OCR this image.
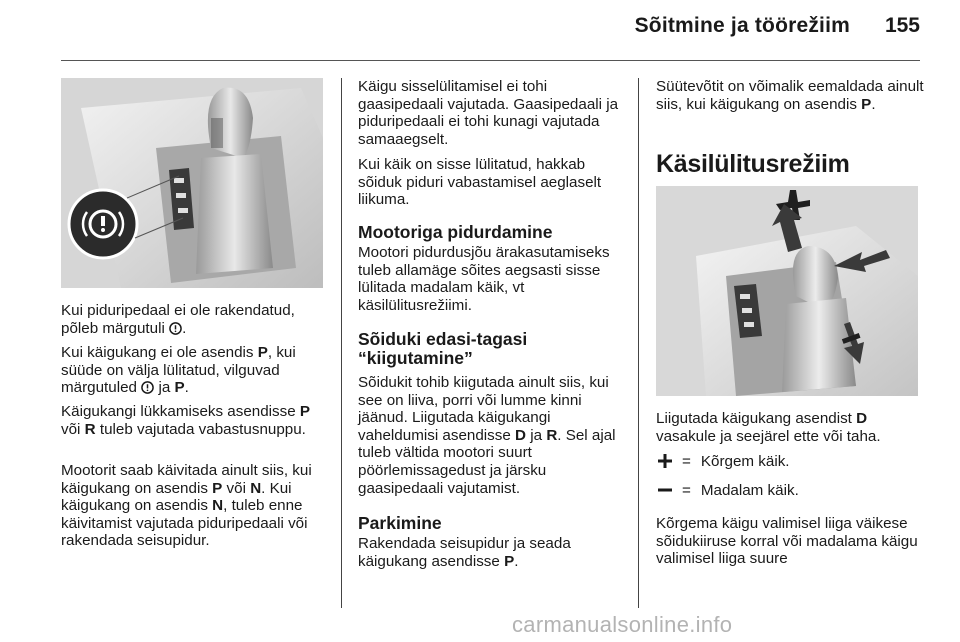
Sõitmine ja töörežiim	155

Kui piduripedaal ei ole rakendatud, põleb märgutuli .

Kui käigukang ei ole asendis P, kui süüde on välja lülitatud, vilguvad märgutuled ja P.

Käigukangi lükkamiseks asendisse P või R tuleb vajutada vabastusnuppu.

Mootorit saab käivitada ainult siis, kui käigukang on asendis P või N. Kui käigukang on asendis N, tuleb enne käivitamist vajutada piduripedaali või rakendada seisupidur.

Käigu sisselülitamisel ei tohi gaasipedaali vajutada. Gaasipedaali ja piduripedaali ei tohi kunagi vajutada samaaegselt.

Kui käik on sisse lülitatud, hakkab sõiduk piduri vabastamisel aeglaselt liikuma.

Mootoriga pidurdamine

Mootori pidurdusjõu ärakasutamiseks tuleb allamäge sõites aegsasti sisse lülitada madalam käik, vt käsilülitusrežiimi.

Sõiduki edasi-tagasi “kiigutamine”

Sõidukit tohib kiigutada ainult siis, kui see on liiva, porri või lumme kinni jäänud. Liigutada käigukangi vaheldumisi asendisse D ja R. Sel ajal tuleb vältida mootori suurt pöörlemissagedust ja järsku gaasipedaali vajutamist.

Parkimine

Rakendada seisupidur ja seada käigukang asendisse P.

Süütevõtit on võimalik eemaldada ainult siis, kui käigukang on asendis P.

Käsilülitusrežiim

Liigutada käigukang asendist D vasakule ja seejärel ette või taha.

Kõrgema käigu valimisel liiga väikese sõidukiiruse korral või madalama käigu valimisel liiga suure

= Kõrgem käik.
= Madalam käik.
carmanualsonline.info
